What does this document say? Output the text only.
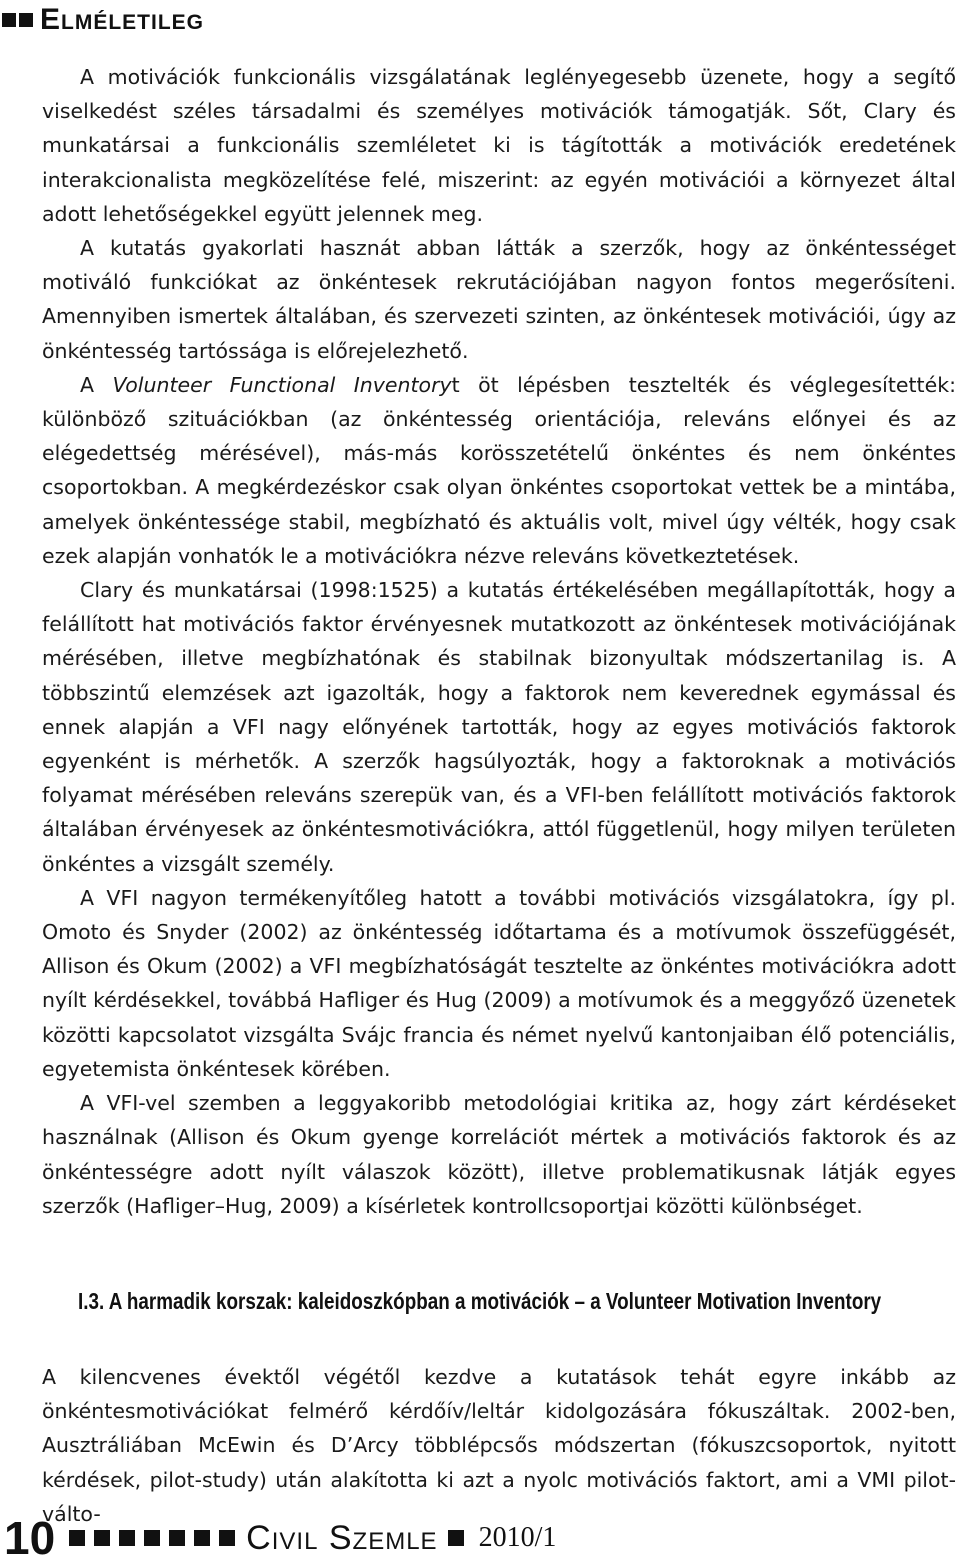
Elméletileg

A motivációk funkcionális vizsgálatának leglényegesebb üzenete, hogy a segítő viselkedést széles társadalmi és személyes motivációk támogatják. Sőt, Clary és munkatársai a funkcionális szemléletet ki is tágították a motivációk eredetének interakcionalista megközelítése felé, miszerint: az egyén motivációi a környezet által adott lehetőségekkel együtt jelennek meg.

A kutatás gyakorlati hasznát abban látták a szerzők, hogy az önkéntességet motiváló funkciókat az önkéntesek rekrutációjában nagyon fontos megerősíteni. Amennyiben ismertek általában, és szervezeti szinten, az önkéntesek motivációi, úgy az önkéntesség tartóssága is előrejelezhető.

A Volunteer Functional Inventoryt öt lépésben tesztelték és véglegesítették: különböző szituációkban (az önkéntesség orientációja, releváns előnyei és az elégedettség mérésével), más-más korösszetételű önkéntes és nem önkéntes csoportokban. A megkérdezéskor csak olyan önkéntes csoportokat vettek be a mintába, amelyek önkéntessége stabil, megbízható és aktuális volt, mivel úgy vélték, hogy csak ezek alapján vonhatók le a motivációkra nézve releváns következtetések.

Clary és munkatársai (1998:1525) a kutatás értékelésében megállapították, hogy a felállított hat motivációs faktor érvényesnek mutatkozott az önkéntesek motivációjának mérésében, illetve megbízhatónak és stabilnak bizonyultak módszertanilag is. A többszintű elemzések azt igazolták, hogy a faktorok nem keverednek egymással és ennek alapján a VFI nagy előnyének tartották, hogy az egyes motivációs faktorok egyenként is mérhetők. A szerzők hagsúlyozták, hogy a faktoroknak a motivációs folyamat mérésében releváns szerepük van, és a VFI-ben felállított motivációs faktorok általában érvényesek az önkéntesmotivációkra, attól függetlenül, hogy milyen területen önkéntes a vizsgált személy.

A VFI nagyon termékenyítőleg hatott a további motivációs vizsgálatokra, így pl. Omoto és Snyder (2002) az önkéntesség időtartama és a motívumok összefüggését, Allison és Okum (2002) a VFI megbízhatóságát tesztelte az önkéntes motivációkra adott nyílt kérdésekkel, továbbá Hafliger és Hug (2009) a motívumok és a meggyőző üzenetek közötti kapcsolatot vizsgálta Svájc francia és német nyelvű kantonjaiban élő potenciális, egyetemista önkéntesek körében.

A VFI-vel szemben a leggyakoribb metodológiai kritika az, hogy zárt kérdéseket használnak (Allison és Okum gyenge korrelációt mértek a motivációs faktorok és az önkéntességre adott nyílt válaszok között), illetve problematikusnak látják egyes szerzők (Hafliger–Hug, 2009) a kísérletek kontrollcsoportjai közötti különbséget.

I.3. A harmadik korszak: kaleidoszkópban a motivációk – a Volunteer Motivation Inventory

A kilencvenes évektől végétől kezdve a kutatások tehát egyre inkább az önkéntesmotivációkat felmérő kérdőív/leltár kidolgozására fókuszáltak. 2002-ben, Ausztráliában McEwin és D’Arcy többlépcsős módszertan (fókuszcsoportok, nyitott kérdések, pilot-study) után alakította ki azt a nyolc motivációs faktort, ami a VMI pilot-válto-

10	Civil Szemle 2010/1
